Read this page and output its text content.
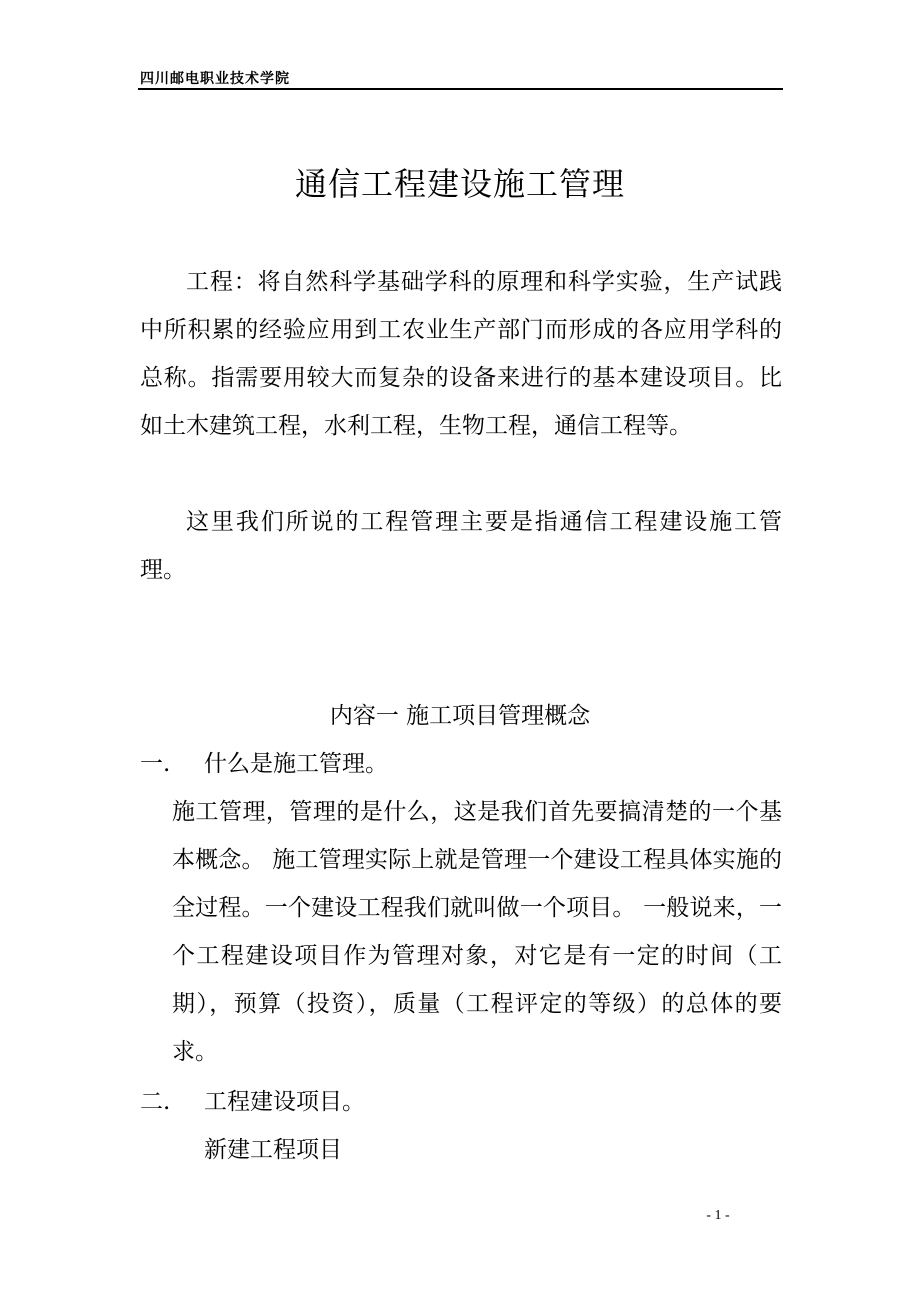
四川邮电职业技术学院
通信工程建设施工管理

工程：将自然科学基础学科的原理和科学实验，生产试践中所积累的经验应用到工农业生产部门而形成的各应用学科的总称。指需要用较大而复杂的设备来进行的基本建设项目。比如土木建筑工程，水利工程，生物工程，通信工程等。

这里我们所说的工程管理主要是指通信工程建设施工管理。

内容一 施工项目管理概念

一. 什么是施工管理。

施工管理，管理的是什么，这是我们首先要搞清楚的一个基本概念。 施工管理实际上就是管理一个建设工程具体实施的全过程。一个建设工程我们就叫做一个项目。 一般说来，一个工程建设项目作为管理对象，对它是有一定的时间（工期），预算（投资），质量（工程评定的等级）的总体的要求。

二. 工程建设项目。

新建工程项目

- 1 -
